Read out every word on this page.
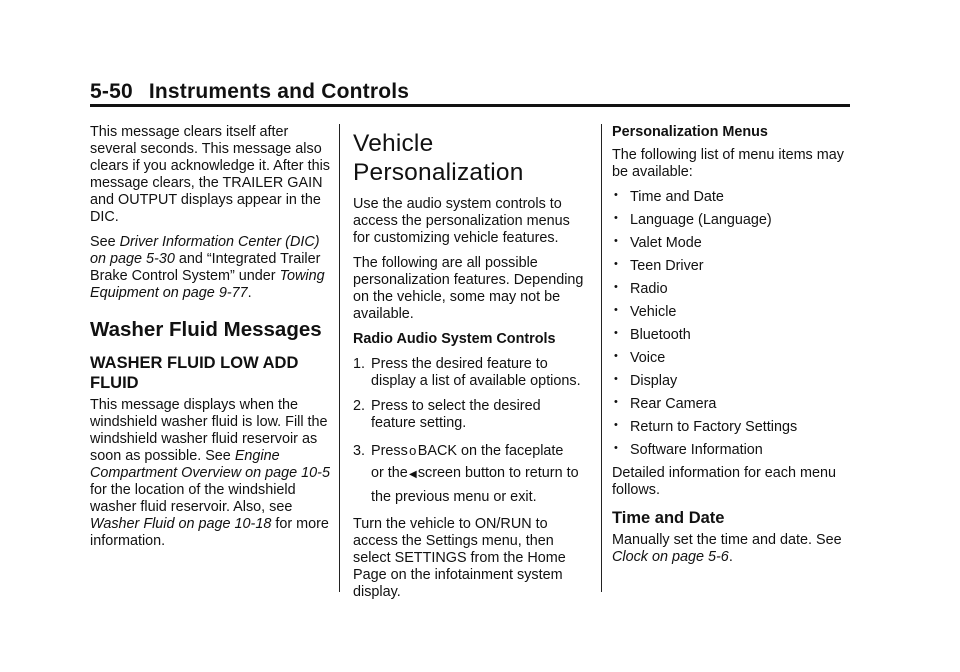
5-50 Instruments and Controls

This message clears itself after several seconds. This message also clears if you acknowledge it. After this message clears, the TRAILER GAIN and OUTPUT displays appear in the DIC.

See Driver Information Center (DIC) on page 5-30 and “Integrated Trailer Brake Control System” under Towing Equipment on page 9-77.

Washer Fluid Messages
WASHER FLUID LOW ADD FLUID

This message displays when the windshield washer fluid is low. Fill the windshield washer fluid reservoir as soon as possible. See Engine Compartment Overview on page 10-5 for the location of the windshield washer fluid reservoir. Also, see Washer Fluid on page 10-18 for more information.

Vehicle Personalization

Use the audio system controls to access the personalization menus for customizing vehicle features.

The following are all possible personalization features. Depending on the vehicle, some may not be available.

Radio Audio System Controls

1. Press the desired feature to display a list of available options.
2. Press to select the desired feature setting.
3. PressoBACK on the faceplate
or the◀screen button to return to the previous menu or exit.

Turn the vehicle to ON/RUN to access the Settings menu, then select SETTINGS from the Home Page on the infotainment system display.

Personalization Menus

The following list of menu items may be available:

• Time and Date
• Language (Language)
• Valet Mode
• Teen Driver
• Radio
• Vehicle
• Bluetooth
• Voice
• Display
• Rear Camera
• Return to Factory Settings
• Software Information

Detailed information for each menu follows.

Time and Date

Manually set the time and date. See Clock on page 5-6.
